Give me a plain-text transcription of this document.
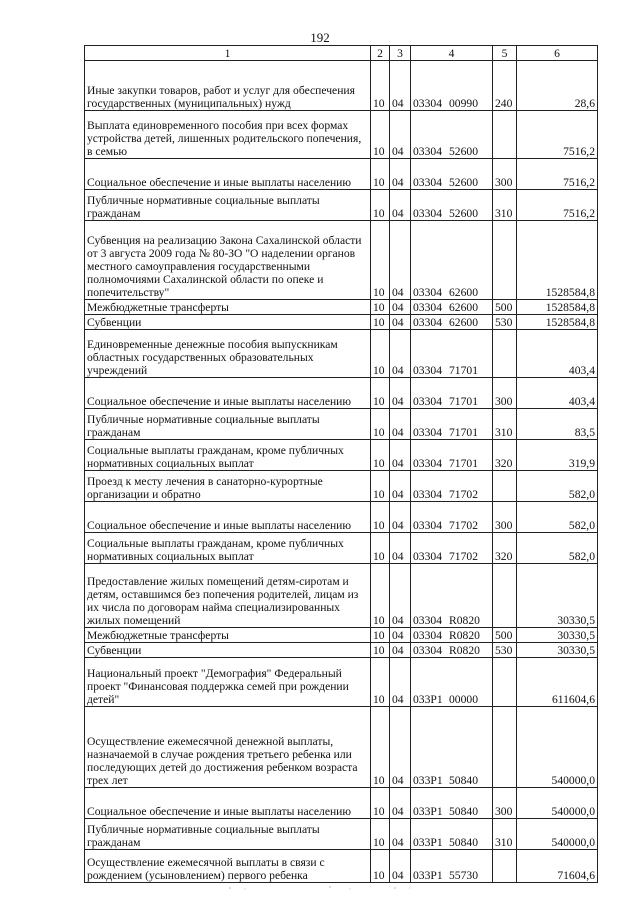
192
1	2	3	4	5	6
Иные закупки товаров, работ и услуг для обеспечения государственных (муниципальных) нужд	10	04	03304 00990	240	28,6
Выплата единовременного пособия при всех формах устройства детей, лишенных родительского попечения, в семью	10	04	03304 52600		7516,2
Социальное обеспечение и иные выплаты населению	10	04	03304 52600	300	7516,2
Публичные нормативные социальные выплаты гражданам	10	04	03304 52600	310	7516,2
Субвенция на реализацию Закона Сахалинской области от 3 августа 2009 года № 80-ЗО "О наделении органов местного самоуправления государственными полномочиями Сахалинской области по опеке и попечительству"	10	04	03304 62600		1528584,8
Межбюджетные трансферты	10	04	03304 62600	500	1528584,8
Субвенции	10	04	03304 62600	530	1528584,8
Единовременные денежные пособия выпускникам областных государственных образовательных учреждений	10	04	03304 71701		403,4
Социальное обеспечение и иные выплаты населению	10	04	03304 71701	300	403,4
Публичные нормативные социальные выплаты гражданам	10	04	03304 71701	310	83,5
Социальные выплаты гражданам, кроме публичных нормативных социальных выплат	10	04	03304 71701	320	319,9
Проезд к месту лечения в санаторно-курортные организации и обратно	10	04	03304 71702		582,0
Социальное обеспечение и иные выплаты населению	10	04	03304 71702	300	582,0
Социальные выплаты гражданам, кроме публичных нормативных социальных выплат	10	04	03304 71702	320	582,0
Предоставление жилых помещений детям-сиротам и детям, оставшимся без попечения родителей, лицам из их числа по договорам найма специализированных жилых помещений	10	04	03304 R0820		30330,5
Межбюджетные трансферты	10	04	03304 R0820	500	30330,5
Субвенции	10	04	03304 R0820	530	30330,5
Национальный проект "Демография" Федеральный проект "Финансовая поддержка семей при рождении детей"	10	04	033Р1 00000		611604,6
Осуществление ежемесячной денежной выплаты, назначаемой в случае рождения третьего ребенка или последующих детей до достижения ребенком возраста трех лет	10	04	033Р1 50840		540000,0
Социальное обеспечение и иные выплаты населению	10	04	033Р1 50840	300	540000,0
Публичные нормативные социальные выплаты гражданам	10	04	033Р1 50840	310	540000,0
Осуществление ежемесячной выплаты в связи с рождением (усыновлением) первого ребенка	10	04	033Р1 55730		71604,6
